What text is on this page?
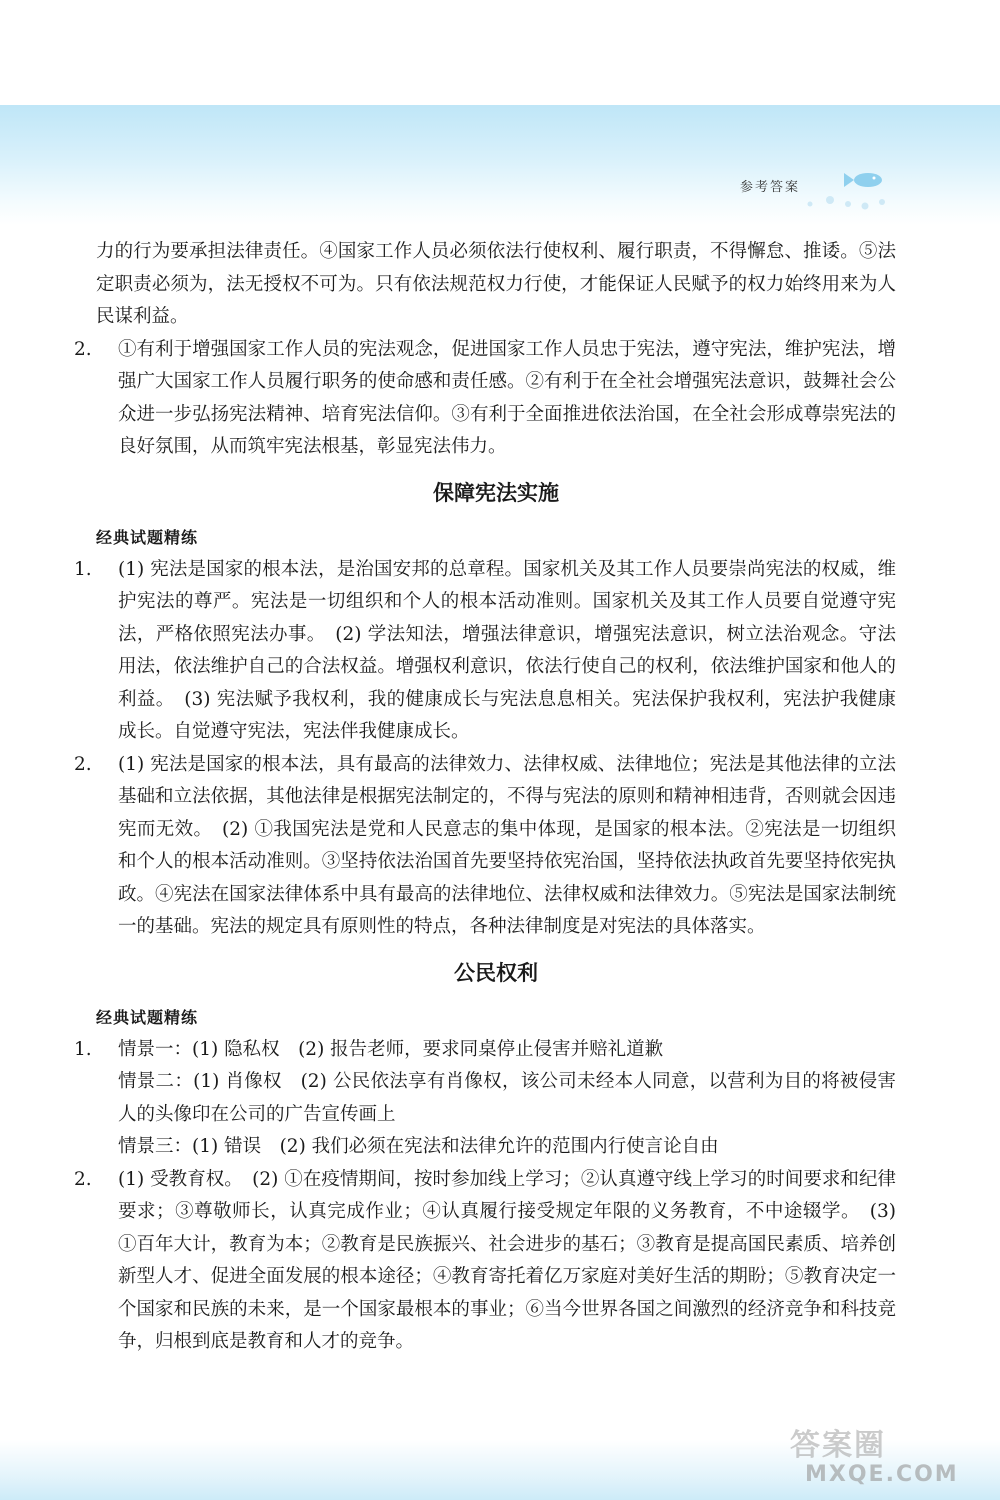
参考答案

力的行为要承担法律责任。④国家工作人员必须依法行使权利、履行职责，不得懈怠、推诿。⑤法定职责必须为，法无授权不可为。只有依法规范权力行使，才能保证人民赋予的权力始终用来为人民谋利益。

2.	①有利于增强国家工作人员的宪法观念，促进国家工作人员忠于宪法，遵守宪法，维护宪法，增强广大国家工作人员履行职务的使命感和责任感。②有利于在全社会增强宪法意识，鼓舞社会公众进一步弘扬宪法精神、培育宪法信仰。③有利于全面推进依法治国，在全社会形成尊崇宪法的良好氛围，从而筑牢宪法根基，彰显宪法伟力。

保障宪法实施

经典试题精练

1.	(1) 宪法是国家的根本法，是治国安邦的总章程。国家机关及其工作人员要崇尚宪法的权威，维护宪法的尊严。宪法是一切组织和个人的根本活动准则。国家机关及其工作人员要自觉遵守宪法，严格依照宪法办事。　(2) 学法知法，增强法律意识，增强宪法意识，树立法治观念。守法用法，依法维护自己的合法权益。增强权利意识，依法行使自己的权利，依法维护国家和他人的利益。　(3) 宪法赋予我权利，我的健康成长与宪法息息相关。宪法保护我权利，宪法护我健康成长。自觉遵守宪法，宪法伴我健康成长。

2.	(1) 宪法是国家的根本法，具有最高的法律效力、法律权威、法律地位；宪法是其他法律的立法基础和立法依据，其他法律是根据宪法制定的，不得与宪法的原则和精神相违背，否则就会因违宪而无效。　(2) ①我国宪法是党和人民意志的集中体现，是国家的根本法。②宪法是一切组织和个人的根本活动准则。③坚持依法治国首先要坚持依宪治国，坚持依法执政首先要坚持依宪执政。④宪法在国家法律体系中具有最高的法律地位、法律权威和法律效力。⑤宪法是国家法制统一的基础。宪法的规定具有原则性的特点，各种法律制度是对宪法的具体落实。

公民权利

经典试题精练

1.	情景一：(1) 隐私权　(2) 报告老师，要求同桌停止侵害并赔礼道歉

情景二：(1) 肖像权　(2) 公民依法享有肖像权，该公司未经本人同意，以营利为目的将被侵害人的头像印在公司的广告宣传画上

情景三：(1) 错误　(2) 我们必须在宪法和法律允许的范围内行使言论自由

2.	(1) 受教育权。　(2) ①在疫情期间，按时参加线上学习；②认真遵守线上学习的时间要求和纪律要求；③尊敬师长，认真完成作业；④认真履行接受规定年限的义务教育，不中途辍学。　(3) ①百年大计，教育为本；②教育是民族振兴、社会进步的基石；③教育是提高国民素质、培养创新型人才、促进全面发展的根本途径；④教育寄托着亿万家庭对美好生活的期盼；⑤教育决定一个国家和民族的未来，是一个国家最根本的事业；⑥当今世界各国之间激烈的经济竞争和科技竞争，归根到底是教育和人才的竞争。

答案圈
MXQE.COM
